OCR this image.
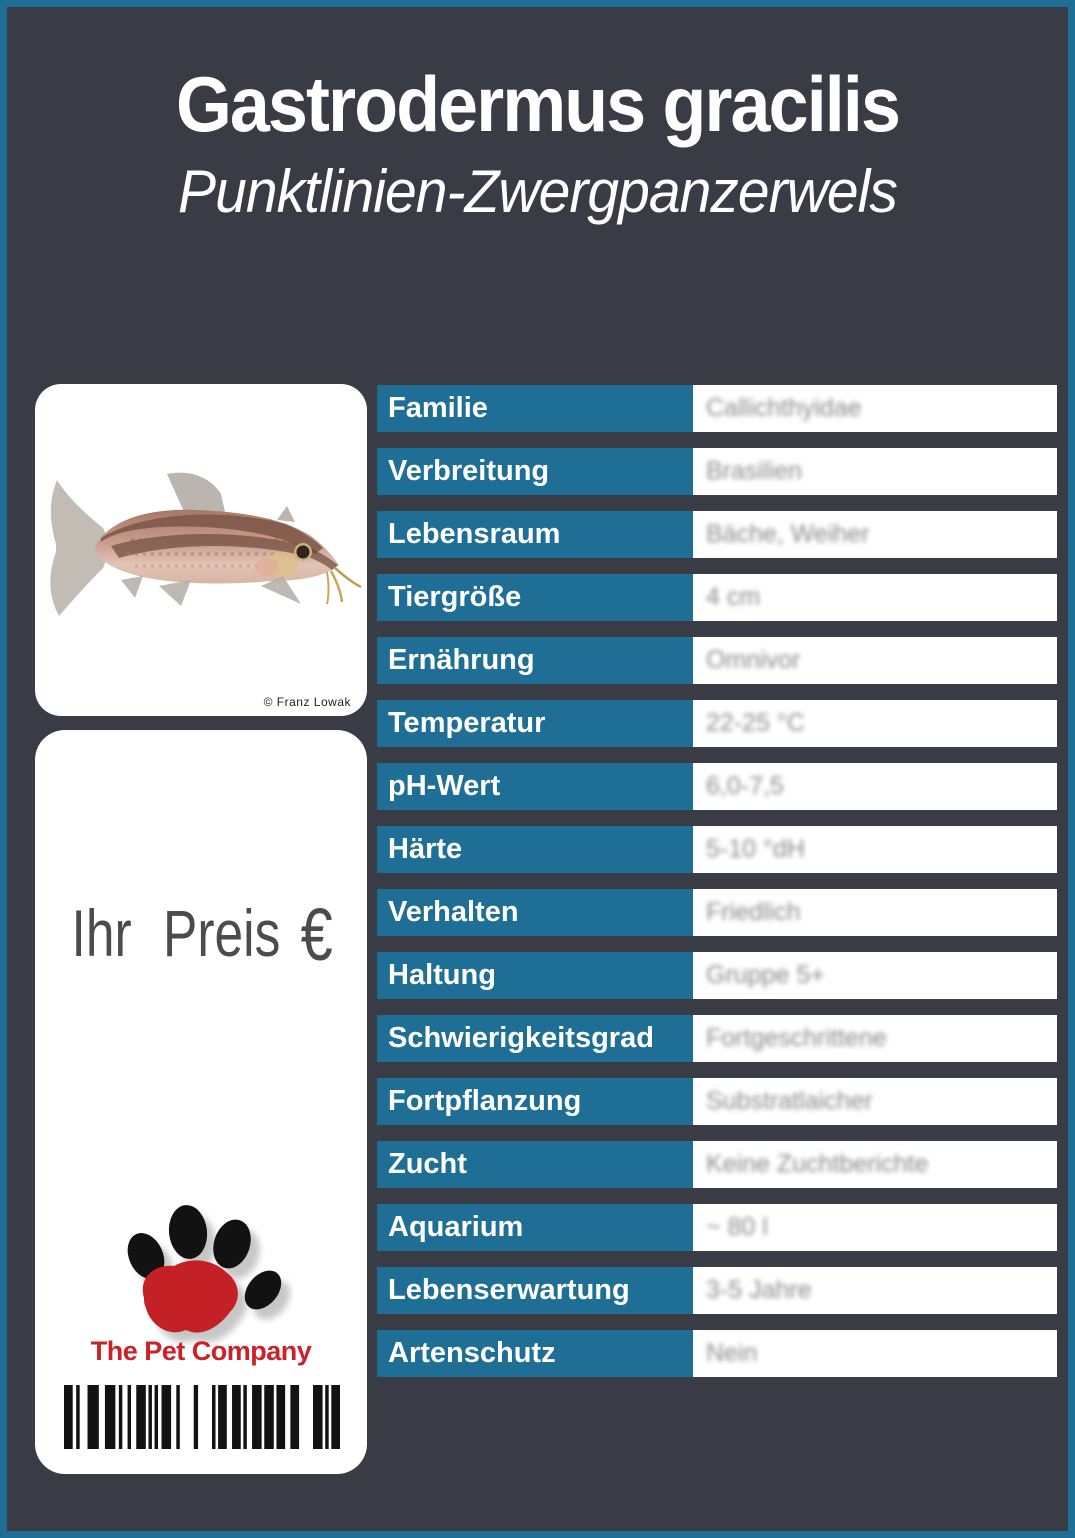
Gastrodermus gracilis
Punktlinien-Zwergpanzerwels
© Franz Lowak
Ihr Preis €
The Pet Company
Familie	Callichthyidae
Verbreitung	Brasilien
Lebensraum	Bäche, Weiher
Tiergröße	4 cm
Ernährung	Omnivor
Temperatur	22-25 °C
pH-Wert	6,0-7,5
Härte	5-10 °dH
Verhalten	Friedlich
Haltung	Gruppe 5+
Schwierigkeitsgrad	Fortgeschrittene
Fortpflanzung	Substratlaicher
Zucht	Keine Zuchtberichte
Aquarium	~ 80 l
Lebenserwartung	3-5 Jahre
Artenschutz	Nein
